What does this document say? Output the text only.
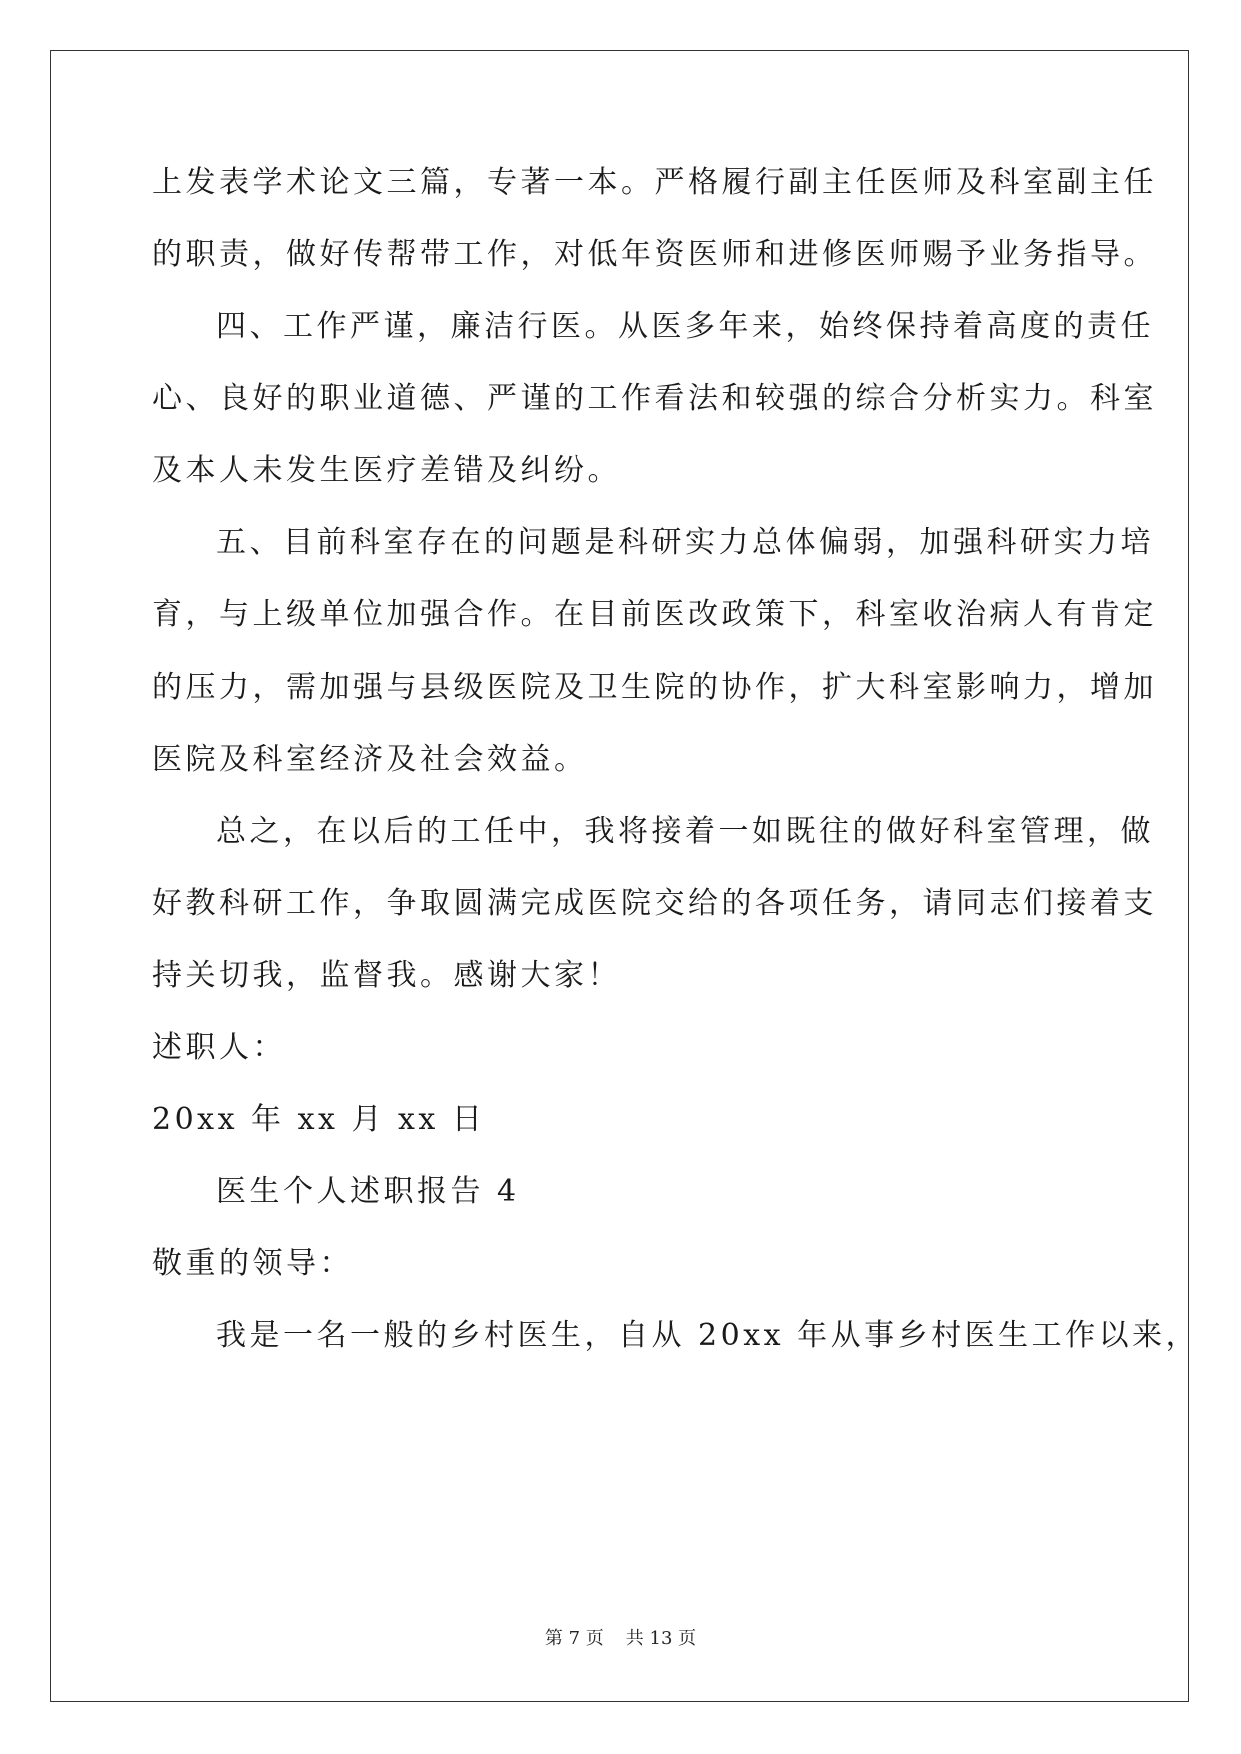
上发表学术论文三篇，专著一本。严格履行副主任医师及科室副主任
的职责，做好传帮带工作，对低年资医师和进修医师赐予业务指导。
四、工作严谨，廉洁行医。从医多年来，始终保持着高度的责任
心、良好的职业道德、严谨的工作看法和较强的综合分析实力。科室
及本人未发生医疗差错及纠纷。
五、目前科室存在的问题是科研实力总体偏弱，加强科研实力培
育，与上级单位加强合作。在目前医改政策下，科室收治病人有肯定
的压力，需加强与县级医院及卫生院的协作，扩大科室影响力，增加
医院及科室经济及社会效益。
总之，在以后的工任中，我将接着一如既往的做好科室管理，做
好教科研工作，争取圆满完成医院交给的各项任务，请同志们接着支
持关切我，监督我。感谢大家！
述职人：
20xx 年 xx 月 xx 日
医生个人述职报告 4
敬重的领导：
我是一名一般的乡村医生，自从 20xx 年从事乡村医生工作以来，
第 7 页 共 13 页
